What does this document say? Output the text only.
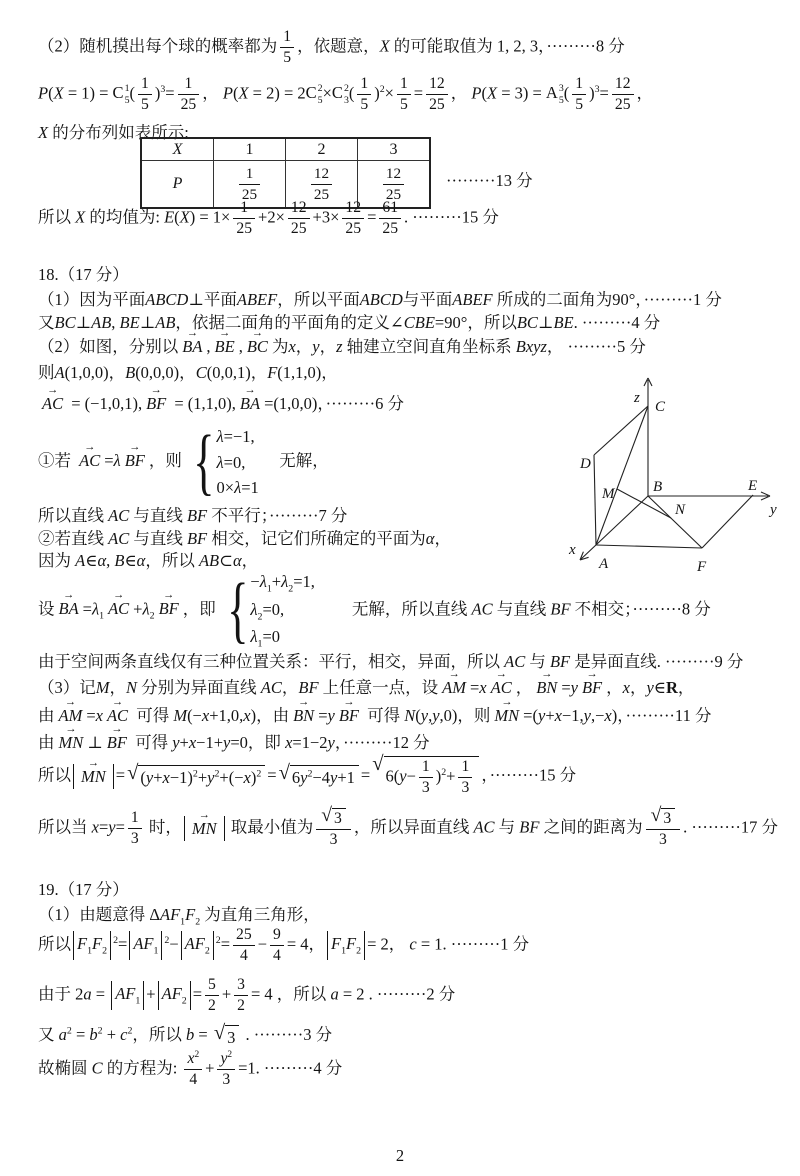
（2）随机摸出每个球的概率都为 $\frac{1}{5}$ ，依题意，X 的可能取值为 1, 2, 3，·········8 分
P(X = 1) = C 1
5 ( $\frac{1}{5} )^3= \frac{1}{25}$ ， P(X = 2) = 2C 2
5 ×C 2
3 ( $\frac{1}{5} )^2\times \frac{1}{5} = \frac{12}{25}$ ， P(X = 3) = A 3
5 ( $\frac{1}{5} )^3= \frac{12}{25}$ ，
X 的分布列如表所示:
X	1	2	3
P	$\frac{1}{25}$	$\frac{12}{25}$	$\frac{12}{25}$	·········13 分
所以 X 的均值为: $E(X) = 1\times \frac{1}{25} +2\times \frac{12}{25} +3\times \frac{12}{25} = \frac{61}{25}$ . ·········15 分
18.（17 分）
（1）因为平面ABCD⊥平面ABEF，所以平面ABCD与平面ABEF 所成的二面角为90°，·········1 分
又BC⊥AB, BE⊥AB，依据二面角的平面角的定义∠CBE=90°，所以BC⊥BE. ·········4 分
（2）如图，分别以 BA → , BE → , BC → 为x，y，z 轴建立空间直角坐标系 Bxyz， ·········5 分
则A(1,0,0)，B(0,0,0)，C(0,0,1)，F(1,1,0)，
AC → = (−1,0,1), BF → = (1,1,0), BA → =(1,0,0)，·········6 分
①若 AC → =λ BF → ，则 { λ=−1,
λ=0,
0×λ=1
　无解，
所以直线 AC 与直线 BF 不平行；·········7 分
②若直线 AC 与直线 BF 相交，记它们所确定的平面为α，
因为 A∈α, B∈α，所以 AB⊂α，
设 BA → $=\lambda_1$ AC → $+\lambda_2$ BF → ，即 { $-\lambda_1+\lambda_2=1$,
$\lambda_2=0$,
$\lambda_1=0$
　　无解，所以直线 AC 与直线 BF 不相交；·········8 分
由于空间两条直线仅有三种位置关系：平行，相交，异面，所以 AC 与 BF 是异面直线. ·········9 分
（3）记M，N 分别为异面直线 AC，BF 上任意一点，设 AM → =x AC → ， BN → =y BF → ，x，y∈R，
由 AM → =x AC → 可得 M(−x+1,0,x)，由 BN → =y BF → 可得 N(y,y,0)，则 MN → =(y+x−1,y,−x)，·········11 分
由 MN → ⊥ BF → 可得 y+x−1+y=0，即 x=1−2y，·········12 分
所以 MN → = √ $(y+x-1)^2+y^2+(-x)^2$ = √ $6y^2-4y+1$ = √
$6(y- \frac{1}{3} )^2+ \frac{1}{3}$ ，·········15 分
所以当 $x=y= \frac{1}{3}$ 时， MN → 取最小值为 $\frac{√ 3}{3}$ ，所以异面直线 AC 与 BF 之间的距离为 $\frac{√ 3}{3}$ . ·········17 分
19.（17 分）
（1）由题意得 $\Delta AF_1F_2$ 为直角三角形，
所以 $F_1F_2^2= AF_1^2- AF_2^2= \frac{25}{4} - \frac{9}{4} = 4$， $F_1F_2 = 2$， c = 1. ·········1 分
由于 $2a = AF_1 + AF_2 = \frac{5}{2} + \frac{3}{2} = 4$ ，所以 a = 2 . ·········2 分
又 $a^2 = b^2 + c^2$，所以 b = √ 3 . ·········3 分
故椭圆 C 的方程为: $\frac{x^2}{4} + \frac{y^2}{3} =1$. ·········4 分
z
C
D
M	B	E
y
N
x
A	F
2
